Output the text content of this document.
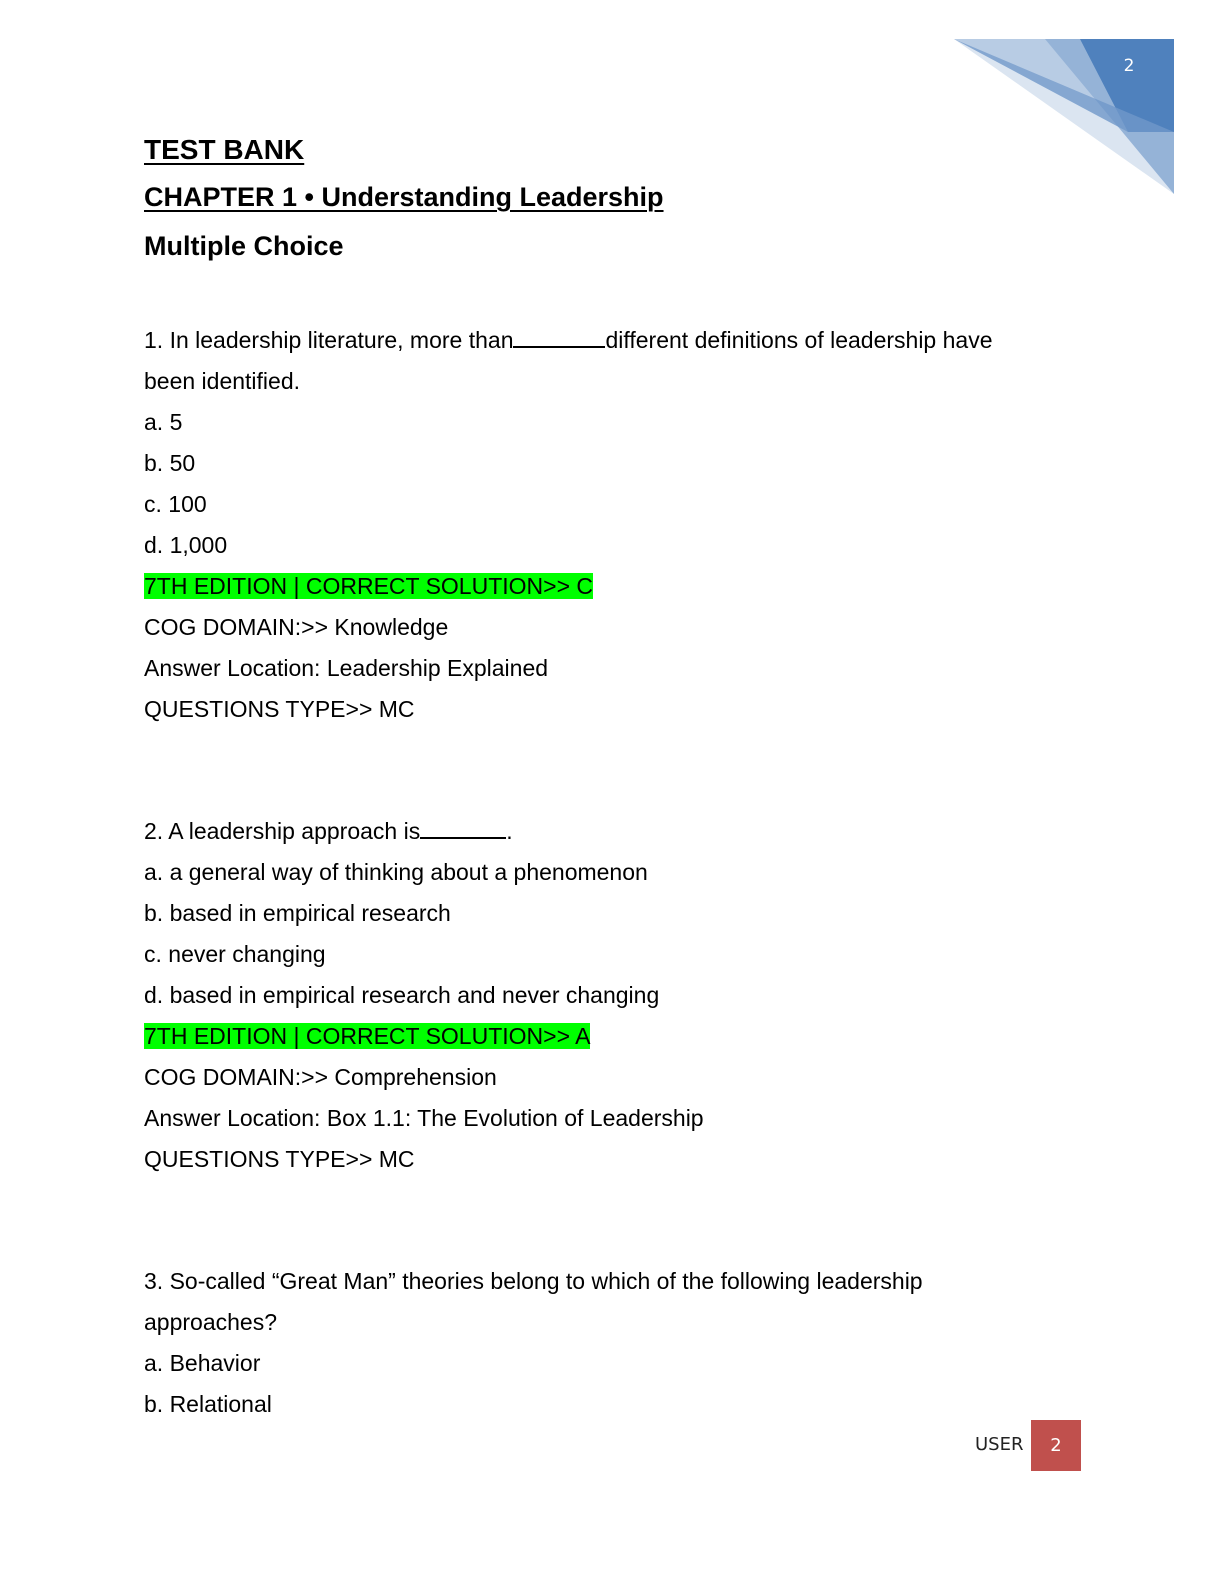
2
TEST BANK
CHAPTER 1 • Understanding Leadership
Multiple Choice
1. In leadership literature, more than	different definitions of leadership have
been identified.
a. 5
b. 50
c. 100
d. 1,000
7TH EDITION | CORRECT SOLUTION>> C
COG DOMAIN:>> Knowledge
Answer Location: Leadership Explained
QUESTIONS TYPE>> MC
2. A leadership approach is	.
a. a general way of thinking about a phenomenon
b. based in empirical research
c. never changing
d. based in empirical research and never changing
7TH EDITION | CORRECT SOLUTION>> A
COG DOMAIN:>> Comprehension
Answer Location: Box 1.1: The Evolution of Leadership
QUESTIONS TYPE>> MC
3. So-called “Great Man” theories belong to which of the following leadership
approaches?
a. Behavior
b. Relational
USER	2
